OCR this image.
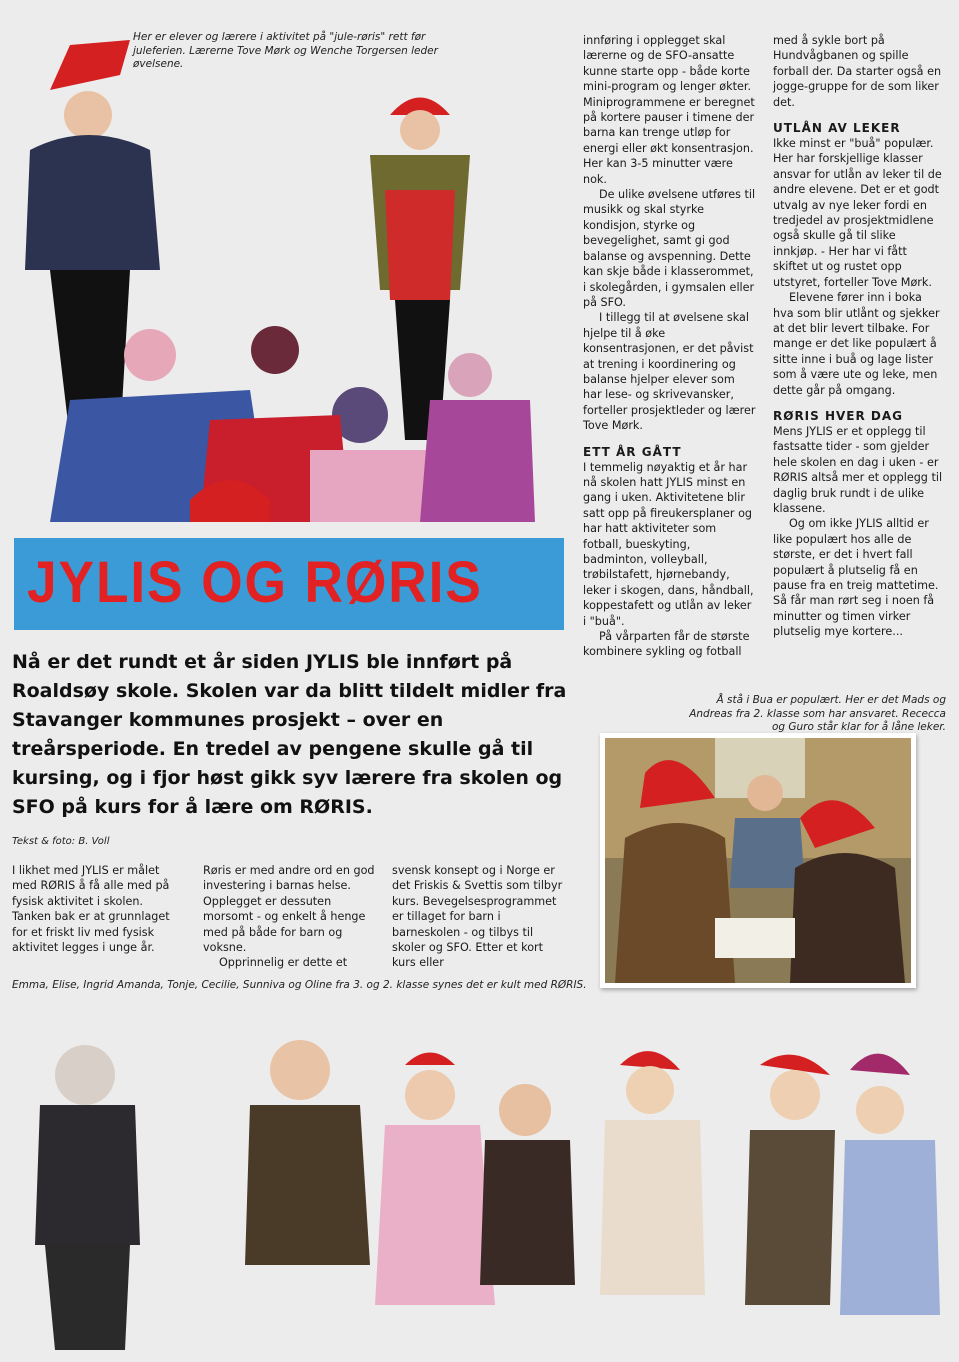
Her er elever og lærere i aktivitet på "jule-røris" rett før juleferien. Lærerne Tove Mørk og Wenche Torgersen leder øvelsene.
JYLIS OG RØRIS

innføring i opplegget skal lærerne og de SFO-ansatte kunne starte opp - både korte mini-program og lenger økter. Miniprogrammene er beregnet på kortere pauser i timene der barna kan trenge utløp for energi eller økt konsentrasjon. Her kan 3-5 minutter være nok.

De ulike øvelsene utføres til musikk og skal styrke kondisjon, styrke og bevegelighet, samt gi god balanse og avspenning. Dette kan skje både i klasserommet, i skolegården, i gymsalen eller på SFO.

I tillegg til at øvelsene skal hjelpe til å øke konsentrasjonen, er det påvist at trening i koordinering og balanse hjelper elever som har lese- og skrivevansker, forteller prosjektleder og lærer Tove Mørk.

ETT ÅR GÅTT

I temmelig nøyaktig et år har nå skolen hatt JYLIS minst en gang i uken. Aktivitetene blir satt opp på fireukersplaner og har hatt aktiviteter som fotball, bueskyting, badminton, volleyball, trøbilstafett, hjørnebandy, leker i skogen, dans, håndball, koppestafett og utlån av leker i "buå".

På vårparten får de største kombinere sykling og fotball

med å sykle bort på Hundvågbanen og spille forball der. Da starter også en jogge-gruppe for de som liker det.

UTLÅN AV LEKER

Ikke minst er "buå" populær. Her har forskjellige klasser ansvar for utlån av leker til de andre elevene. Det er et godt utvalg av nye leker fordi en tredjedel av prosjektmidlene også skulle gå til slike innkjøp. - Her har vi fått skiftet ut og rustet opp utstyret, forteller Tove Mørk.

Elevene fører inn i boka hva som blir utlånt og sjekker at det blir levert tilbake. For mange er det like populært å sitte inne i buå og lage lister som å være ute og leke, men dette går på omgang.

RØRIS HVER DAG

Mens JYLIS er et opplegg til fastsatte tider - som gjelder hele skolen en dag i uken - er RØRIS altså mer et opplegg til daglig bruk rundt i de ulike klassene.

Og om ikke JYLIS alltid er like populært hos alle de største, er det i hvert fall populært å plutselig få en pause fra en treig mattetime. Så får man rørt seg i noen få minutter og timen virker plutselig mye kortere...

Nå er det rundt et år siden JYLIS ble innført på Roaldsøy skole. Skolen var da blitt tildelt midler fra Stavanger kommunes prosjekt – over en treårsperiode. En tredel av pengene skulle gå til kursing, og i fjor høst gikk syv lærere fra skolen og SFO på kurs for å lære om RØRIS.
Tekst & foto: B. Voll
Å stå i Bua er populært. Her er det Mads og Andreas fra 2. klasse som har ansvaret. Rececca og Guro står klar for å låne leker.

I likhet med JYLIS er målet med RØRIS å få alle med på fysisk aktivitet i skolen. Tanken bak er at grunnlaget for et friskt liv med fysisk aktivitet legges i unge år.

Røris er med andre ord en god investering i barnas helse. Opplegget er dessuten morsomt - og enkelt å henge med på både for barn og voksne.

Opprinnelig er dette et

svensk konsept og i Norge er det Friskis & Svettis som tilbyr kurs. Bevegelsesprogrammet er tillaget for barn i barneskolen - og tilbys til skoler og SFO. Etter et kort kurs eller

Emma, Elise, Ingrid Amanda, Tonje, Cecilie, Sunniva og Oline fra 3. og 2. klasse synes det er kult med RØRIS.
